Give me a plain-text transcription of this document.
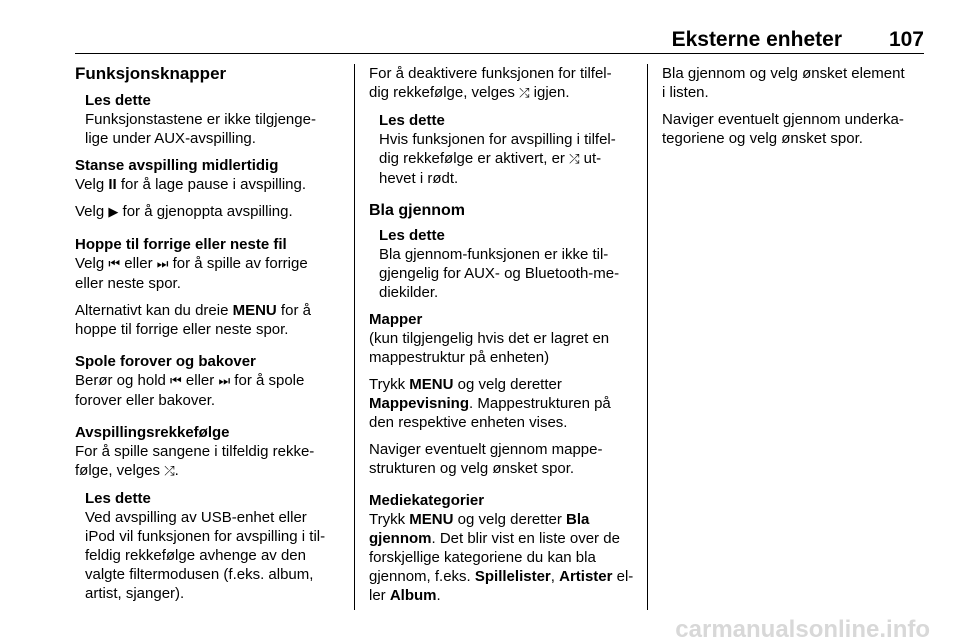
Eksterne enheter 107
Funksjonsknapper

Les dette

Funksjonstastene er ikke tilgjenge-

lige under AUX-avspilling.

Stanse avspilling midlertidig

Velg II for å lage pause i avspilling.

Velg ▶ for å gjenoppta avspilling.

Hoppe til forrige eller neste fil

Velg ⏮ eller ⏭ for å spille av forrige

eller neste spor.

Alternativt kan du dreie MENU for å

hoppe til forrige eller neste spor.

Spole forover og bakover

Berør og hold ⏮ eller ⏭ for å spole

forover eller bakover.

Avspillingsrekkefølge

For å spille sangene i tilfeldig rekke-

følge, velges ⤮.

Les dette

Ved avspilling av USB-enhet eller

iPod vil funksjonen for avspilling i til-

feldig rekkefølge avhenge av den

valgte filtermodusen (f.eks. album,

artist, sjanger).

For å deaktivere funksjonen for tilfel-

dig rekkefølge, velges ⤮ igjen.

Les dette

Hvis funksjonen for avspilling i tilfel-

dig rekkefølge er aktivert, er ⤮ ut-

hevet i rødt.

Bla gjennom

Les dette

Bla gjennom-funksjonen er ikke til-

gjengelig for AUX- og Bluetooth-me-

diekilder.

Mapper

(kun tilgjengelig hvis det er lagret en

mappestruktur på enheten)

Trykk MENU og velg deretter

Mappevisning. Mappestrukturen på

den respektive enheten vises.

Naviger eventuelt gjennom mappe-

strukturen og velg ønsket spor.

Mediekategorier

Trykk MENU og velg deretter Bla

gjennom. Det blir vist en liste over de

forskjellige kategoriene du kan bla

gjennom, f.eks. Spillelister, Artister el-

ler Album.

Bla gjennom og velg ønsket element

i listen.

Naviger eventuelt gjennom underka-

tegoriene og velg ønsket spor.

carmanualsonline.info
